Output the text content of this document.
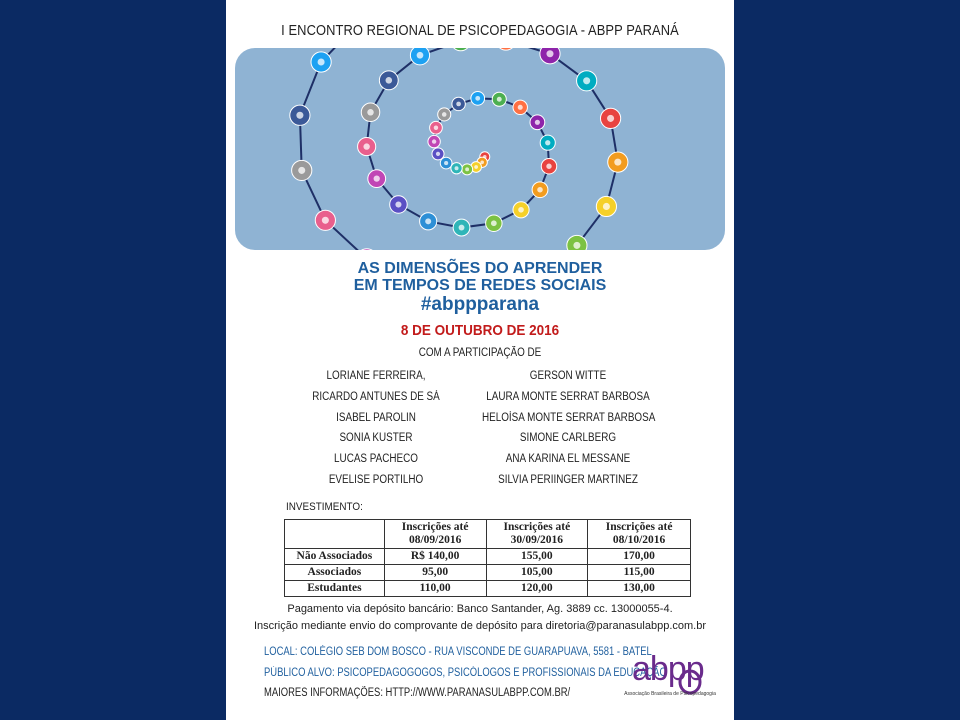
I ENCONTRO REGIONAL DE PSICOPEDAGOGIA - ABPP PARANÁ
AS DIMENSÕES DO APRENDER
EM TEMPOS DE REDES SOCIAIS
#abppparana
8 DE OUTUBRO DE 2016
COM A PARTICIPAÇÃO DE
LORIANE FERREIRA,
RICARDO ANTUNES DE SÁ
ISABEL PAROLIN
SONIA KÜSTER
LUCAS PACHECO
EVELISE PORTILHO
GERSON WITTE
LAURA MONTE SERRAT BARBOSA
HELOÍSA MONTE SERRAT BARBOSA
SIMONE CARLBERG
ANA KARINA EL MESSANE
SILVIA PERIINGER MARTINEZ
INVESTIMENTO:
	Inscrições até 08/09/2016	Inscrições até 30/09/2016	Inscrições até 08/10/2016
Não Associados	R$ 140,00	155,00	170,00
Associados	95,00	105,00	115,00
Estudantes	110,00	120,00	130,00
Pagamento via depósito bancário: Banco Santander, Ag. 3889 cc. 13000055-4.
Inscrição mediante envio do comprovante de depósito para diretoria@paranasulabpp.com.br
LOCAL: COLÉGIO SEB DOM BOSCO - RUA VISCONDE DE GUARAPUAVA, 5581 - BATEL
PÚBLICO ALVO: PSICOPEDAGOGOGOS, PSICÓLOGOS E PROFISSIONAIS DA EDUCAÇÃO
MAIORES INFORMAÇÕES: HTTP://WWW.PARANASULABPP.COM.BR/
abpp
Associação Brasileira de Psicopedagogia
